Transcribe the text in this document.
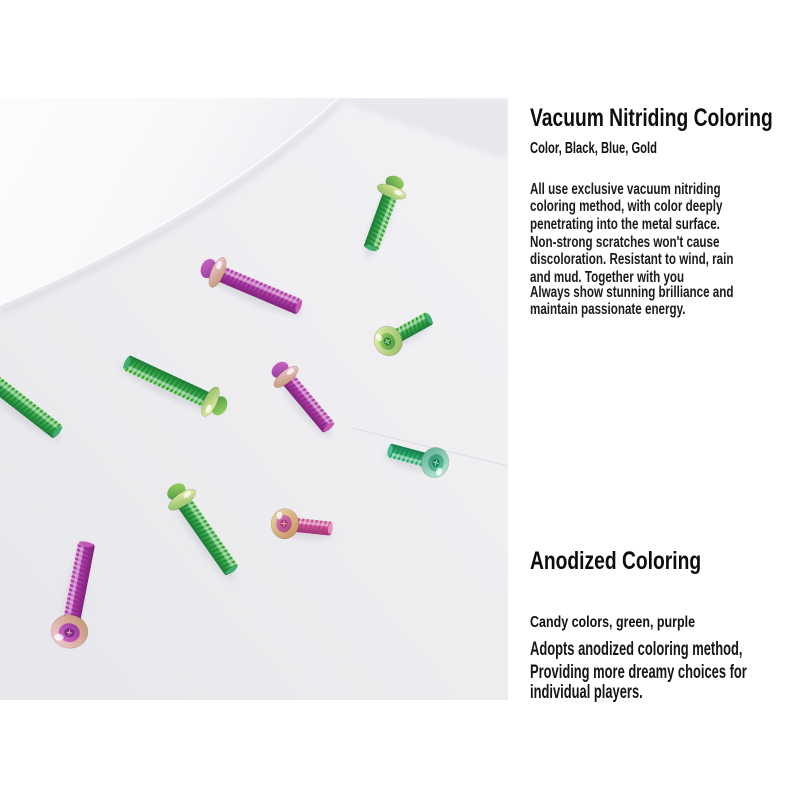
Vacuum Nitriding Coloring
Color, Black, Blue, Gold
All use exclusive vacuum nitriding
coloring method, with color deeply
penetrating into the metal surface.
Non-strong scratches won't cause
discoloration. Resistant to wind, rain
and mud. Together with you
Always show stunning brilliance and
maintain passionate energy.
Anodized Coloring
Candy colors, green, purple
Adopts anodized coloring method,
Providing more dreamy choices for
individual players.
